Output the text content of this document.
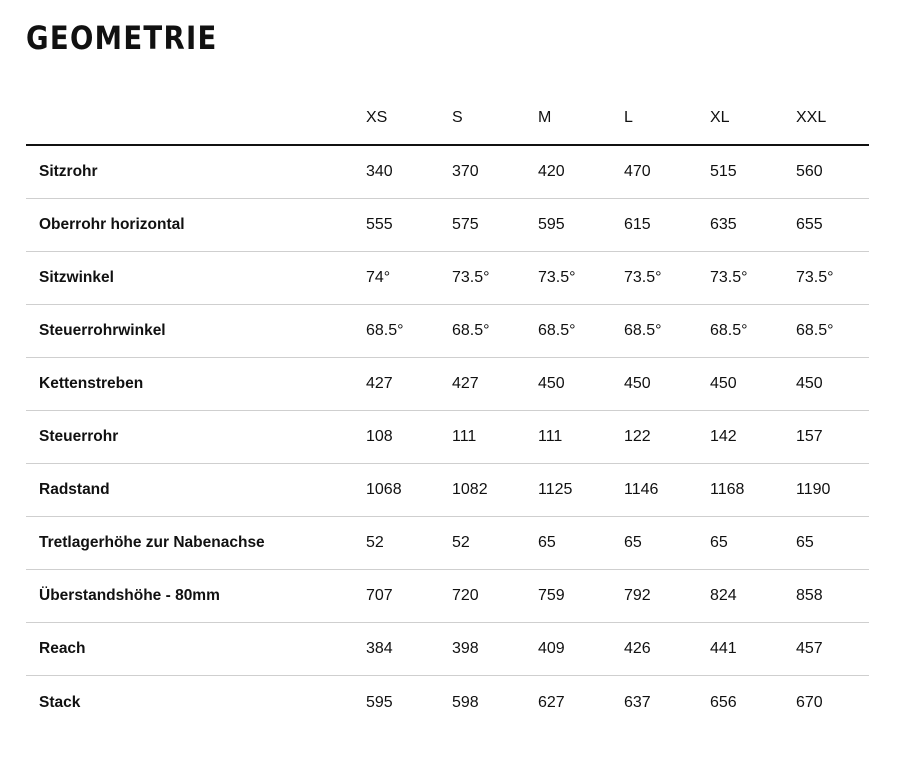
GEOMETRIE
XS	S	M	L	XL	XXL
Sitzrohr	340	370	420	470	515	560
Oberrohr horizontal	555	575	595	615	635	655
Sitzwinkel	74°	73.5°	73.5°	73.5°	73.5°	73.5°
Steuerrohrwinkel	68.5°	68.5°	68.5°	68.5°	68.5°	68.5°
Kettenstreben	427	427	450	450	450	450
Steuerrohr	108	111	111	122	142	157
Radstand	1068	1082	1125	1146	1168	1190
Tretlagerhöhe zur Nabenachse	52	52	65	65	65	65
Überstandshöhe - 80mm	707	720	759	792	824	858
Reach	384	398	409	426	441	457
Stack	595	598	627	637	656	670
